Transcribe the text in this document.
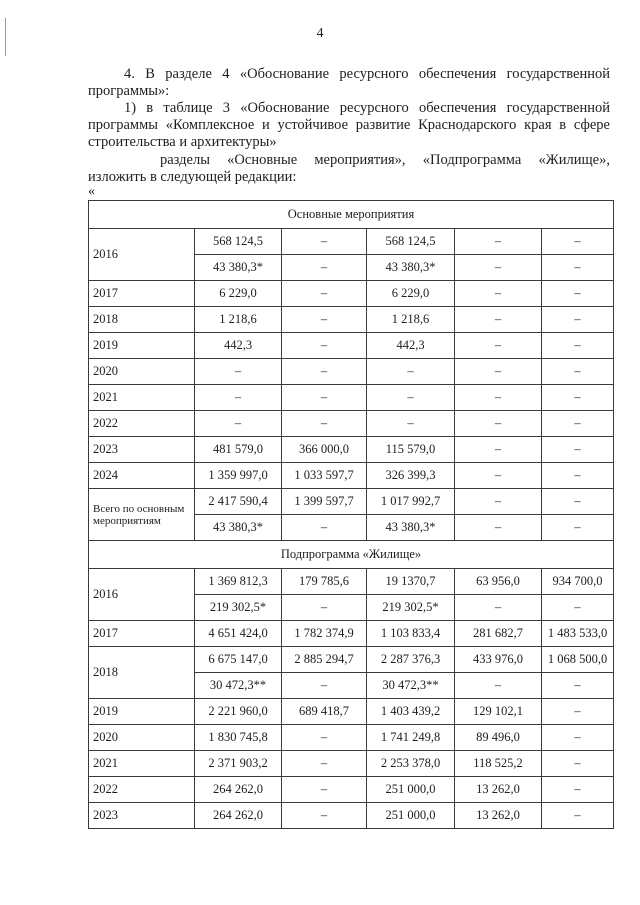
4
4. В разделе 4 «Обоснование ресурсного обеспечения государственной программы»:
1) в таблице 3 «Обоснование ресурсного обеспечения государственной программы «Комплексное и устойчивое развитие Краснодарского края в сфере строительства и архитектуры»
разделы «Основные мероприятия», «Подпрограмма «Жилище», изложить в следующей редакции:
«
Основные мероприятия					
2016	568 124,5	–	568 124,5	–	–
	43 380,3*	–	43 380,3*	–	–
2017	6 229,0	–	6 229,0	–	–
2018	1 218,6	–	1 218,6	–	–
2019	442,3	–	442,3	–	–
2020	–	–	–	–	–
2021	–	–	–	–	–
2022	–	–	–	–	–
2023	481 579,0	366 000,0	115 579,0	–	–
2024	1 359 997,0	1 033 597,7	326 399,3	–	–
Всего по основным мероприятиям	2 417 590,4	1 399 597,7	1 017 992,7	–	–
	43 380,3*	–	43 380,3*	–	–
Подпрограмма «Жилище»					
2016	1 369 812,3	179 785,6	19 1370,7	63 956,0	934 700,0
	219 302,5*	–	219 302,5*	–	–
2017	4 651 424,0	1 782 374,9	1 103 833,4	281 682,7	1 483 533,0
2018	6 675 147,0	2 885 294,7	2 287 376,3	433 976,0	1 068 500,0
	30 472,3**	–	30 472,3**	–	–
2019	2 221 960,0	689 418,7	1 403 439,2	129 102,1	–
2020	1 830 745,8	–	1 741 249,8	89 496,0	–
2021	2 371 903,2	–	2 253 378,0	118 525,2	–
2022	264 262,0	–	251 000,0	13 262,0	–
2023	264 262,0	–	251 000,0	13 262,0	–
